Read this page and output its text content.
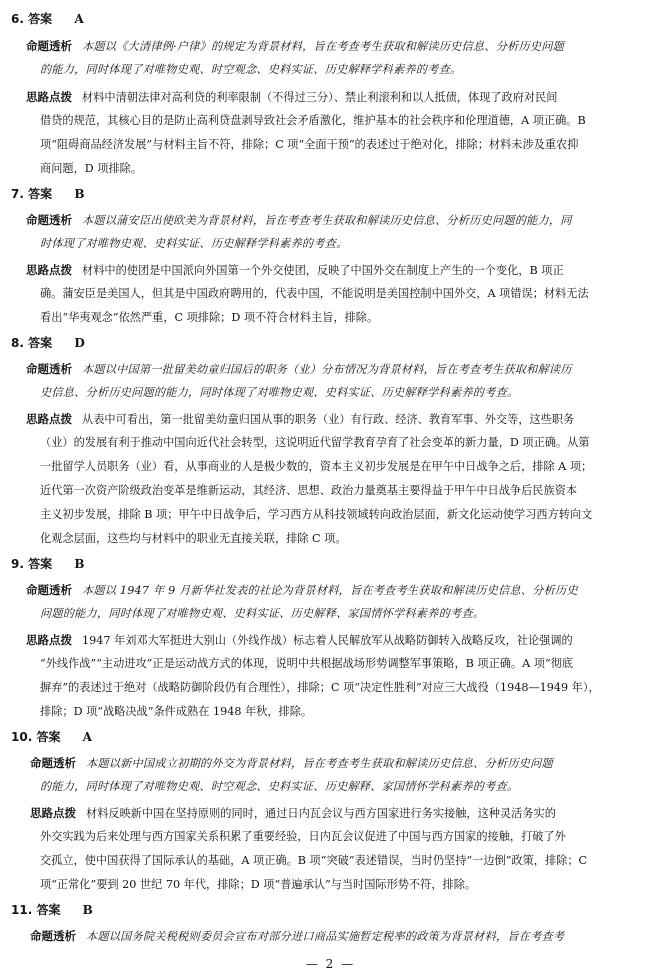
6. 答案 A
命题透析 本题以《大清律例·户律》的规定为背景材料，旨在考查考生获取和解读历史信息、分析历史问题
的能力，同时体现了对唯物史观、时空观念、史料实证、历史解释学科素养的考查。
思路点拨 材料中清朝法律对高利贷的利率限制（不得过三分）、禁止利滚利和以人抵债，体现了政府对民间
借贷的规范，其核心目的是防止高利贷盘剥导致社会矛盾激化，维护基本的社会秩序和伦理道德，A 项正确。B
项“阻碍商品经济发展”与材料主旨不符，排除；C 项“全面干预”的表述过于绝对化，排除；材料未涉及重农抑
商问题，D 项排除。
7. 答案 B
命题透析 本题以蒲安臣出使欧美为背景材料，旨在考查考生获取和解读历史信息、分析历史问题的能力，同
时体现了对唯物史观、史料实证、历史解释学科素养的考查。
思路点拨 材料中的使团是中国派向外国第一个外交使团，反映了中国外交在制度上产生的一个变化，B 项正
确。蒲安臣是美国人，但其是中国政府聘用的，代表中国，不能说明是美国控制中国外交，A 项错误；材料无法
看出“华夷观念”依然严重，C 项排除；D 项不符合材料主旨，排除。
8. 答案 D
命题透析 本题以中国第一批留美幼童归国后的职务（业）分布情况为背景材料，旨在考查考生获取和解读历
史信息、分析历史问题的能力，同时体现了对唯物史观、史料实证、历史解释学科素养的考查。
思路点拨 从表中可看出，第一批留美幼童归国从事的职务（业）有行政、经济、教育军事、外交等，这些职务
（业）的发展有利于推动中国向近代社会转型，这说明近代留学教育孕育了社会变革的新力量，D 项正确。从第
一批留学人员职务（业）看，从事商业的人是极少数的，资本主义初步发展是在甲午中日战争之后，排除 A 项；
近代第一次资产阶级政治变革是维新运动，其经济、思想、政治力量奠基主要得益于甲午中日战争后民族资本
主义初步发展，排除 B 项；甲午中日战争后，学习西方从科技领域转向政治层面，新文化运动使学习西方转向文
化观念层面，这些均与材料中的职业无直接关联，排除 C 项。
9. 答案 B
命题透析 本题以 1947 年 9 月新华社发表的社论为背景材料，旨在考查考生获取和解读历史信息、分析历史
问题的能力，同时体现了对唯物史观、史料实证、历史解释、家国情怀学科素养的考查。
思路点拨 1947 年刘邓大军挺进大别山（外线作战）标志着人民解放军从战略防御转入战略反攻，社论强调的
“外线作战”“主动进攻”正是运动战方式的体现，说明中共根据战场形势调整军事策略，B 项正确。A 项“彻底
摒弃”的表述过于绝对（战略防御阶段仍有合理性），排除；C 项“决定性胜利”对应三大战役（1948—1949 年），
排除；D 项“战略决战”条件成熟在 1948 年秋，排除。
10. 答案 A
命题透析 本题以新中国成立初期的外交为背景材料，旨在考查考生获取和解读历史信息、分析历史问题
的能力，同时体现了对唯物史观、时空观念、史料实证、历史解释、家国情怀学科素养的考查。
思路点拨 材料反映新中国在坚持原则的同时，通过日内瓦会议与西方国家进行务实接触，这种灵活务实的
外交实践为后来处理与西方国家关系积累了重要经验，日内瓦会议促进了中国与西方国家的接触，打破了外
交孤立，使中国获得了国际承认的基础，A 项正确。B 项“突破”表述错误，当时仍坚持“一边倒”政策，排除；C
项“正常化”要到 20 世纪 70 年代，排除；D 项“普遍承认”与当时国际形势不符，排除。
11. 答案 B
命题透析 本题以国务院关税税则委员会宣布对部分进口商品实施暂定税率的政策为背景材料，旨在考查考
— 2 —
